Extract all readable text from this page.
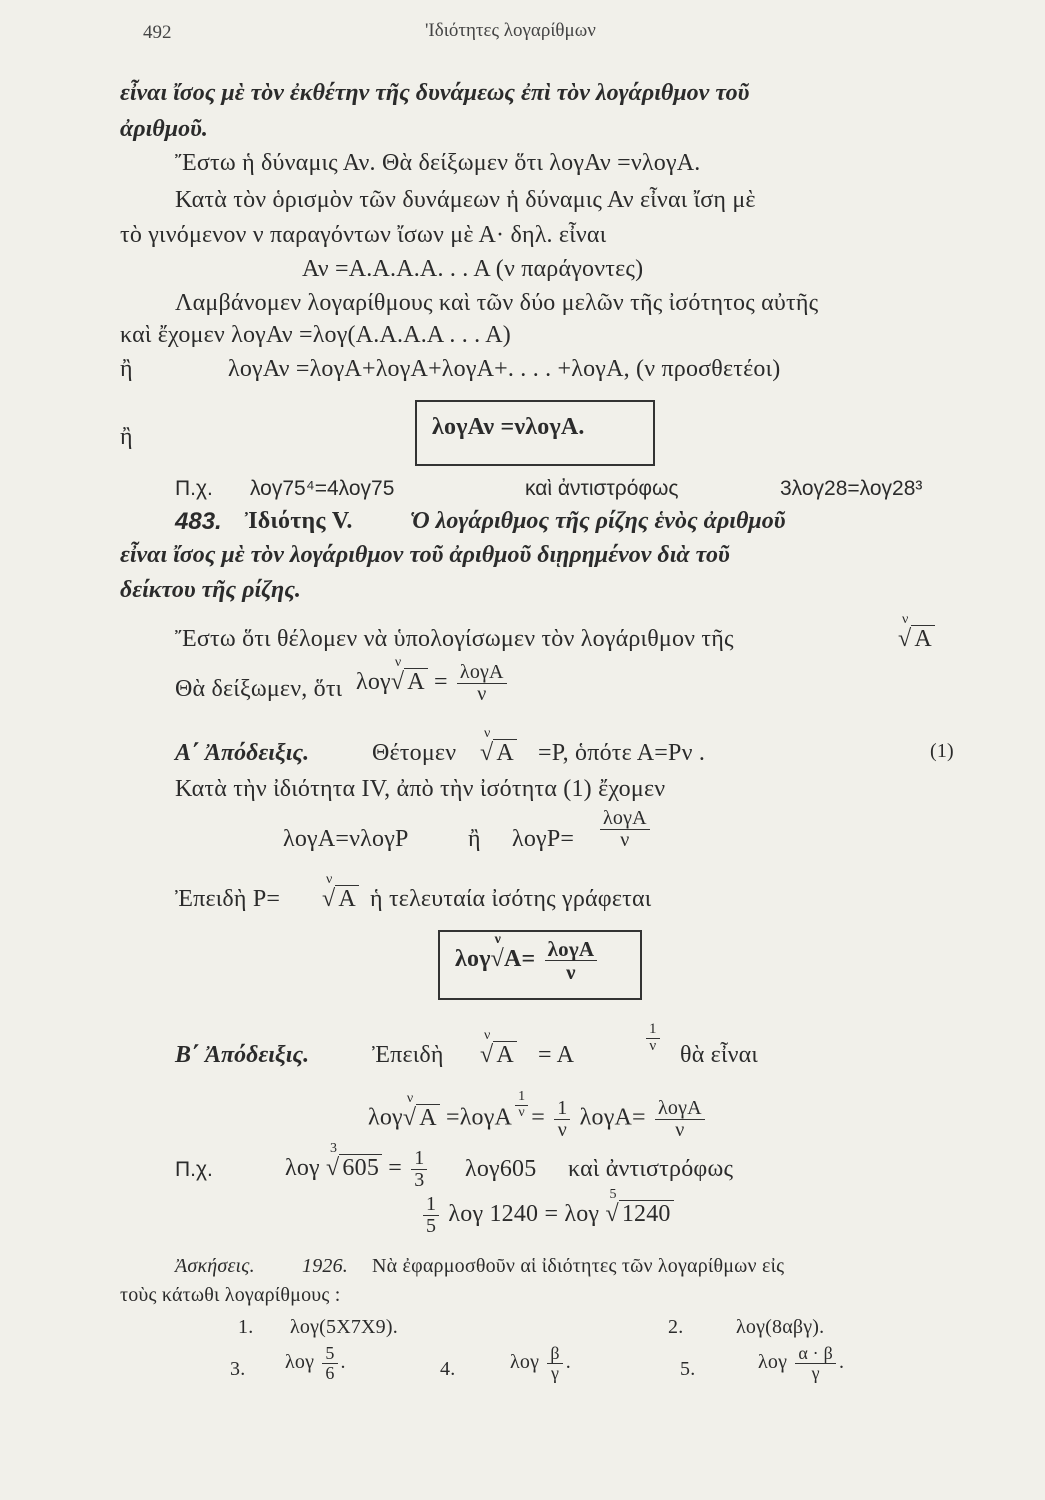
492	'Ιδιότητες λογαρίθμων
εἶναι ἴσος μὲ τὸν ἐκθέτην τῆς δυνάμεως ἐπὶ τὸν λογάριθμον τοῦ
ἀριθμοῦ.
Ἔστω ἡ δύναμις Αν. Θὰ δείξωμεν ὅτι λογΑν =νλογΑ.
Κατὰ τὸν ὁρισμὸν τῶν δυνάμεων ἡ δύναμις Αν εἶναι ἴση μὲ
τὸ γινόμενον ν παραγόντων ἴσων μὲ Α· δηλ. εἶναι
Αν =Α.Α.Α.Α. . . Α (ν παράγοντες)
Λαμβάνομεν λογαρίθμους καὶ τῶν δύο μελῶν τῆς ἰσότητος αὐτῆς
καὶ ἔχομεν λογΑν =λογ(Α.Α.Α.Α . . . Α)
ἢ	λογΑν =λογΑ+λογΑ+λογΑ+. . . . +λογΑ, (ν προσθετέοι)
ἢ	λογΑν =νλογΑ.
Π.χ. λογ75⁴=4λογ75	καὶ ἀντιστρόφως	3λογ28=λογ28³
483. Ἰδιότης V. Ὁ λογάριθμος τῆς ρίζης ἑνὸς ἀριθμοῦ
εἶναι ἴσος μὲ τὸν λογάριθμον τοῦ ἀριθμοῦ διῃρημένον διὰ τοῦ
δείκτου τῆς ρίζης.
Ἔστω ὅτι θέλομεν νὰ ὑπολογίσωμεν τὸν λογάριθμον τῆς
ν
√ Α
Θὰ δείξωμεν, ὅτι λογ
ν
√ $A = \frac{\text{λογΑ}}{\nu}$
Α΄ Ἀπόδειξις.	Θέτομεν
ν
√ Α =Ρ, ὁπότε Α=Ρν .	(1)
Κατὰ τὴν ἰδιότητα IV, ἀπὸ τὴν ἰσότητα (1) ἔχομεν
λογΑ=νλογΡ ἢ $\lambda o\gamma P= \frac{\text{λογΑ}}{\nu}$
Ἐπειδὴ Ρ=
ν
√ Α ἡ τελευταία ἰσότης γράφεται
λογ
ν
$√A= \frac{\text{λογΑ}}{\nu}$
Β΄ Ἀπόδειξις.	Ἐπειδὴ
ν
√ Α = Α
$\frac{1}{\nu}$
θὰ εἶναι
λογ
ν
√ $A =\lambda o\gamma A \frac{1}{\nu} = \frac{1}{\nu} \lambda o\gamma A= \frac{\text{λογΑ}}{\nu}$
Π.χ.	λογ
3
√ $605 = \frac{1}{3} \lambda o\gamma 605$ καὶ ἀντιστρόφως
$\frac{1}{5}$ λογ 1240 = λογ
5
√ 1240
Ἀσκήσεις. 1926. Νὰ ἐφαρμοσθοῦν αἱ ἰδιότητες τῶν λογαρίθμων εἰς
τοὺς κάτωθι λογαρίθμους :
1. λογ(5Χ7Χ9).	2.	λογ(8αβγ).
3. λογ $\frac{5}{6}$ .	4.	λογ $\frac{\beta}{\gamma}$ .	5.	λογ $\frac{\alpha \cdot \beta}{\gamma}$ .
